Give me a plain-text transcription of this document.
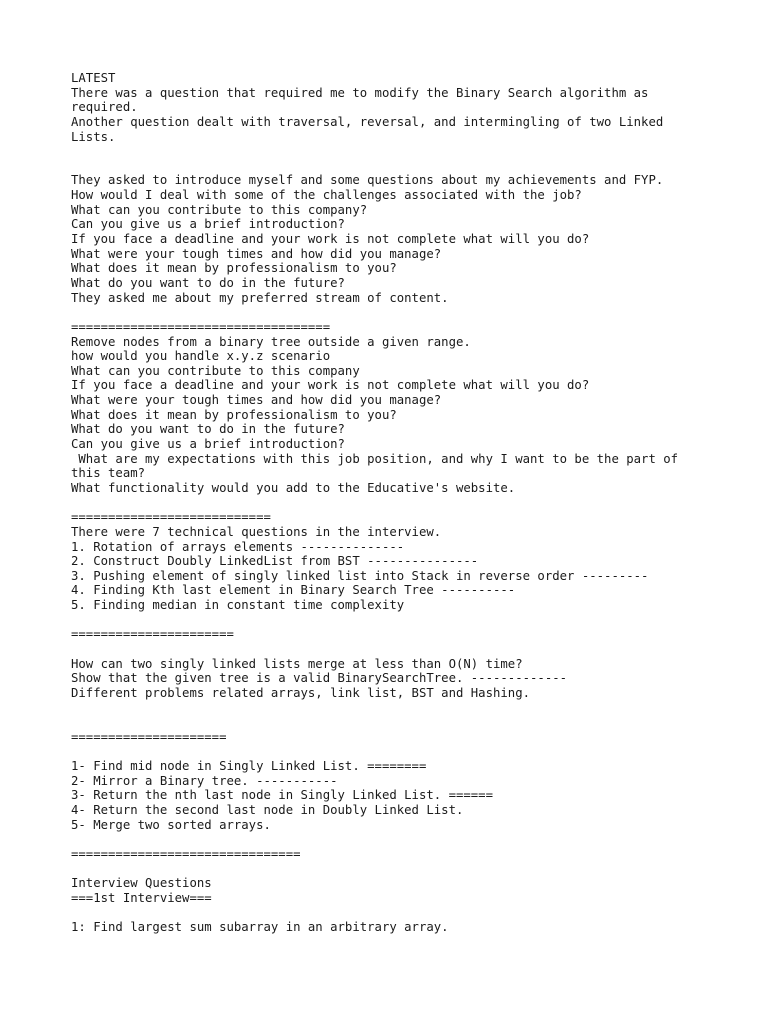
LATEST
There was a question that required me to modify the Binary Search algorithm as
required.
Another question dealt with traversal, reversal, and intermingling of two Linked
Lists.
They asked to introduce myself and some questions about my achievements and FYP.
How would I deal with some of the challenges associated with the job?
What can you contribute to this company?
Can you give us a brief introduction?
If you face a deadline and your work is not complete what will you do?
What were your tough times and how did you manage?
What does it mean by professionalism to you?
What do you want to do in the future?
They asked me about my preferred stream of content.
===================================
Remove nodes from a binary tree outside a given range.
how would you handle x.y.z scenario
What can you contribute to this company
If you face a deadline and your work is not complete what will you do?
What were your tough times and how did you manage?
What does it mean by professionalism to you?
What do you want to do in the future?
Can you give us a brief introduction?
What are my expectations with this job position, and why I want to be the part of
this team?
What functionality would you add to the Educative's website.
===========================
There were 7 technical questions in the interview.
1. Rotation of arrays elements --------------
2. Construct Doubly LinkedList from BST ---------------
3. Pushing element of singly linked list into Stack in reverse order ---------
4. Finding Kth last element in Binary Search Tree ----------
5. Finding median in constant time complexity
======================
How can two singly linked lists merge at less than O(N) time?
Show that the given tree is a valid BinarySearchTree. -------------
Different problems related arrays, link list, BST and Hashing.
=====================
1- Find mid node in Singly Linked List. ========
2- Mirror a Binary tree. -----------
3- Return the nth last node in Singly Linked List. ======
4- Return the second last node in Doubly Linked List.
5- Merge two sorted arrays.
===============================
Interview Questions
===1st Interview===
1: Find largest sum subarray in an arbitrary array.
